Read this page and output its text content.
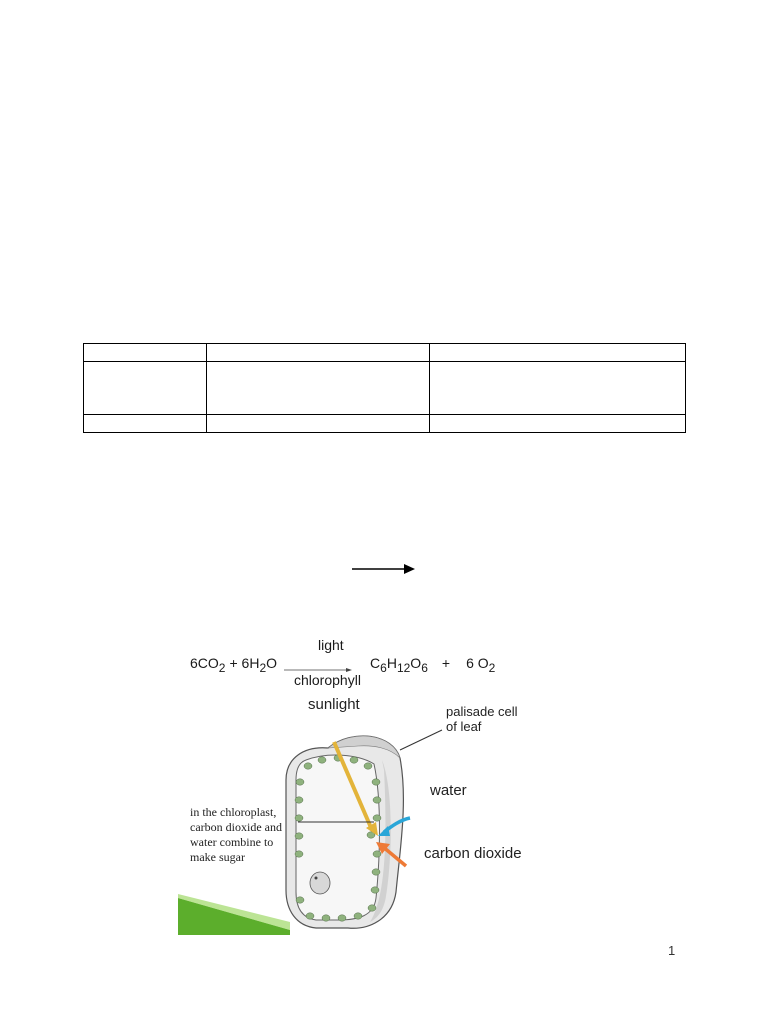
6CO2 + 6H2O
light
chlorophyll
C6H12O6 + 6 O2
sunlight	palisade cell
of leaf
water
carbon dioxide
in the chloroplast,
carbon dioxide and
water combine to
make sugar
1
